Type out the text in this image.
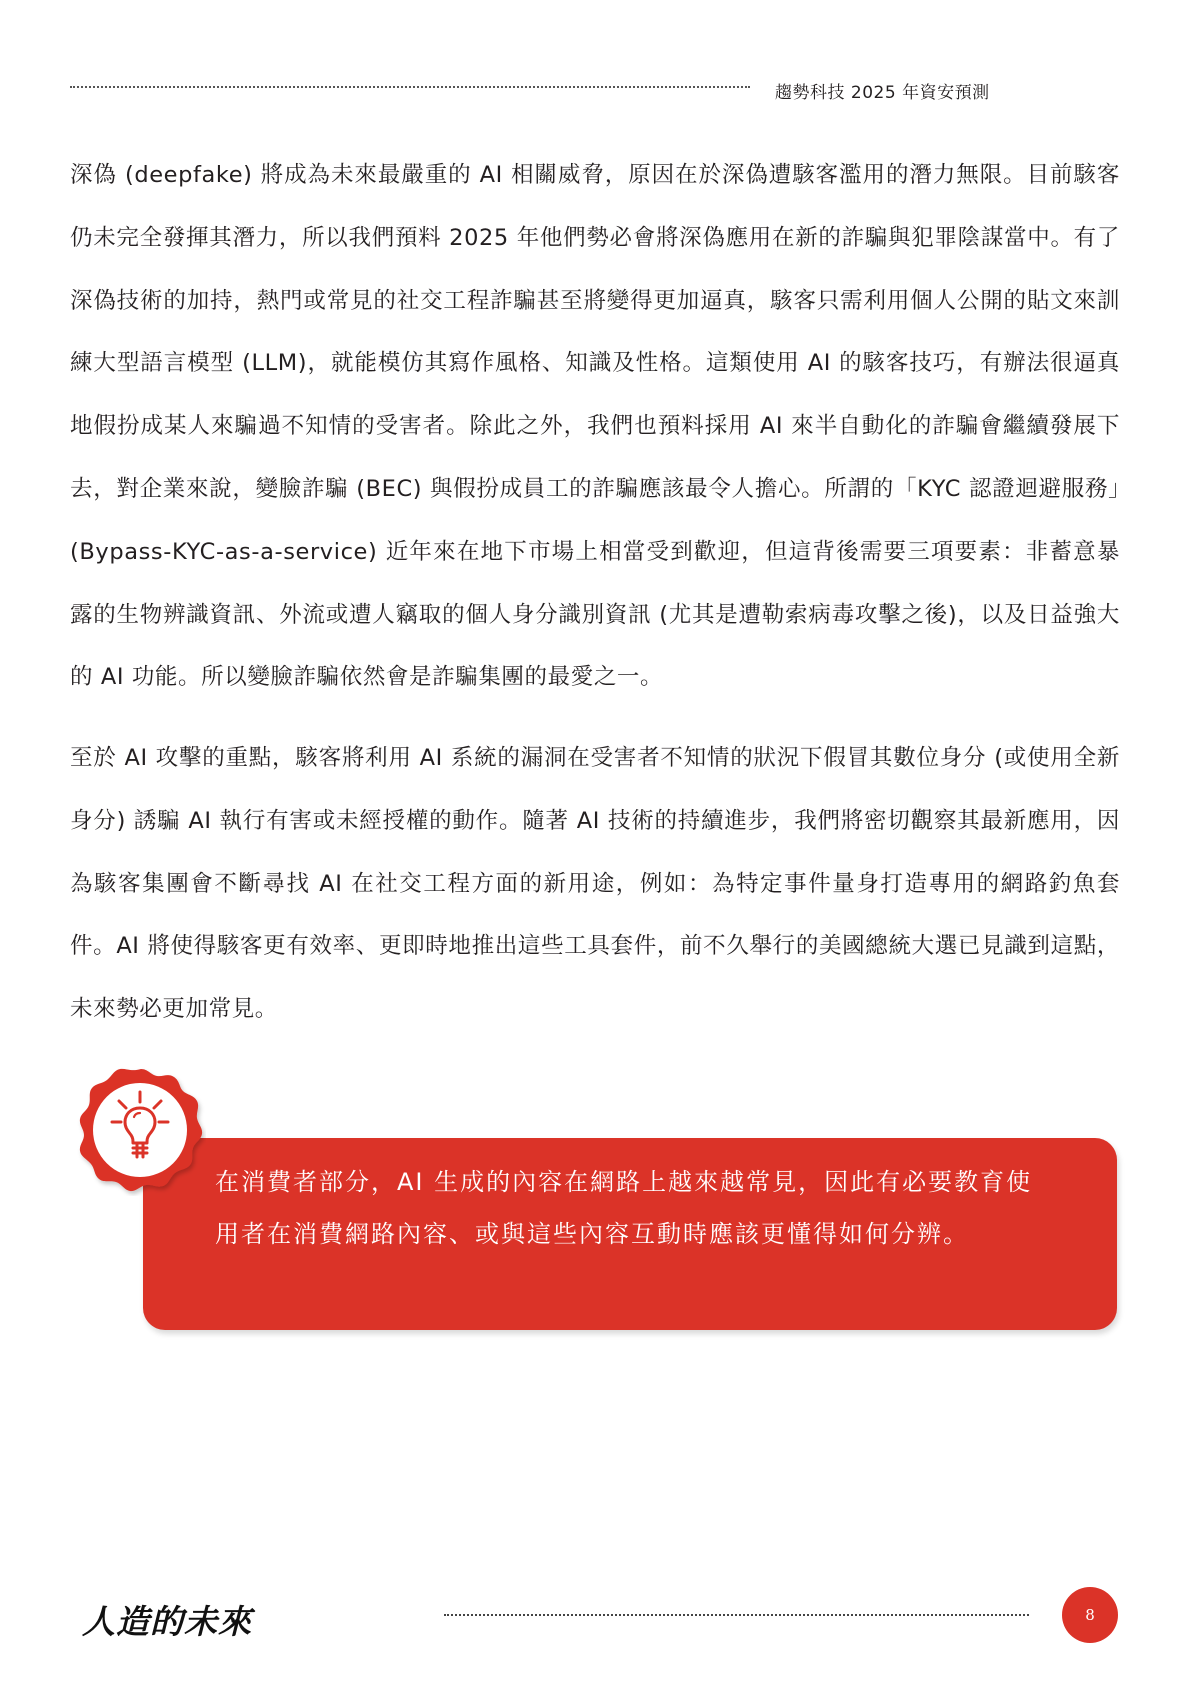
趨勢科技 2025 年資安預測

深偽 (deepfake) 將成為未來最嚴重的 AI 相關威脅，原因在於深偽遭駭客濫用的潛力無限。目前駭客仍未完全發揮其潛力，所以我們預料 2025 年他們勢必會將深偽應用在新的詐騙與犯罪陰謀當中。有了深偽技術的加持，熱門或常見的社交工程詐騙甚至將變得更加逼真，駭客只需利用個人公開的貼文來訓練大型語言模型 (LLM)，就能模仿其寫作風格、知識及性格。這類使用 AI 的駭客技巧，有辦法很逼真地假扮成某人來騙過不知情的受害者。除此之外，我們也預料採用 AI 來半自動化的詐騙會繼續發展下去，對企業來說，變臉詐騙 (BEC) 與假扮成員工的詐騙應該最令人擔心。所謂的「KYC 認證迴避服務」(Bypass-KYC-as-a-service) 近年來在地下市場上相當受到歡迎，但這背後需要三項要素：非蓄意暴露的生物辨識資訊、外流或遭人竊取的個人身分識別資訊 (尤其是遭勒索病毒攻擊之後)，以及日益強大的 AI 功能。所以變臉詐騙依然會是詐騙集團的最愛之一。

至於 AI 攻擊的重點，駭客將利用 AI 系統的漏洞在受害者不知情的狀況下假冒其數位身分 (或使用全新身分) 誘騙 AI 執行有害或未經授權的動作。隨著 AI 技術的持續進步，我們將密切觀察其最新應用，因為駭客集團會不斷尋找 AI 在社交工程方面的新用途，例如：為特定事件量身打造專用的網路釣魚套件。AI 將使得駭客更有效率、更即時地推出這些工具套件，前不久舉行的美國總統大選已見識到這點，未來勢必更加常見。

在消費者部分，AI 生成的內容在網路上越來越常見，因此有必要教育使用者在消費網路內容、或與這些內容互動時應該更懂得如何分辨。
人造的未來	8
